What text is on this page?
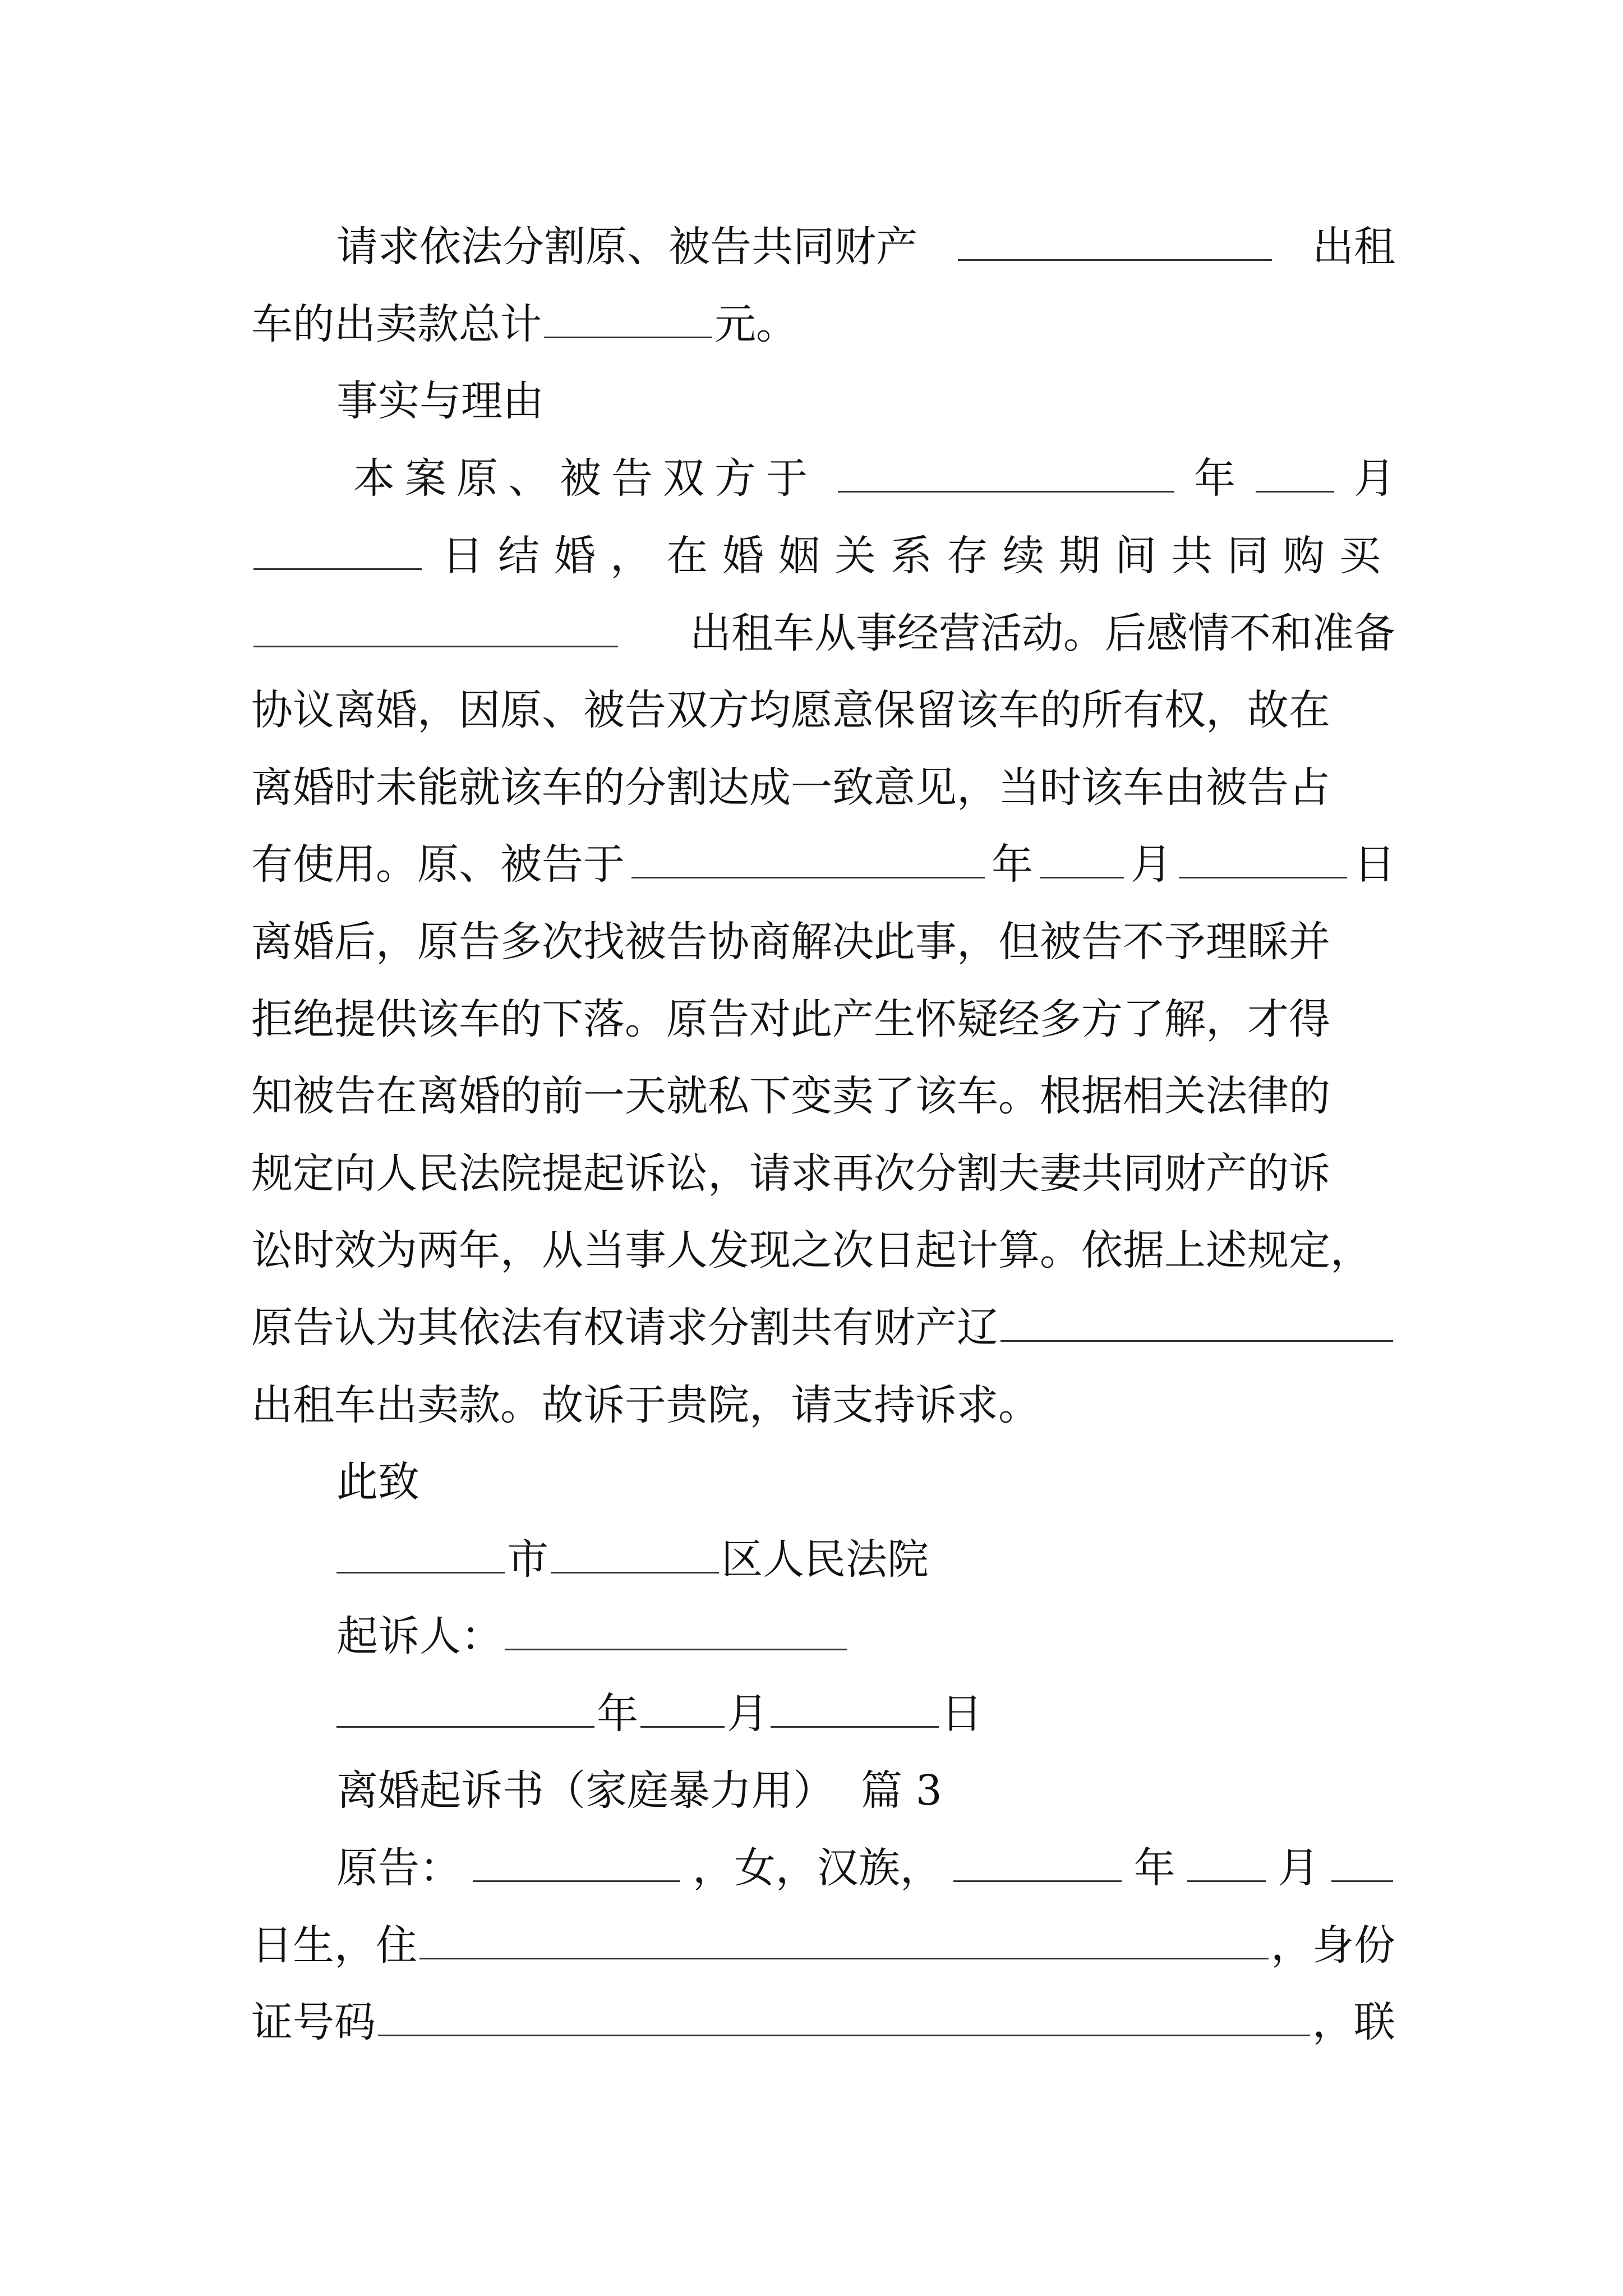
请求依法分割原、被告共同财产	出租
车的出卖款总计	元。
事实与理由
本案原、被告双方于	年	月
日结婚，在婚姻关系存续期间共同购买
出租车从事经营活动。后感情不和准备
协议离婚，因原、被告双方均愿意保留该车的所有权，故在
离婚时未能就该车的分割达成一致意见，当时该车由被告占
有使用。原、被告于	年 月	日
离婚后，原告多次找被告协商解决此事，但被告不予理睬并
拒绝提供该车的下落。原告对此产生怀疑经多方了解，才得
知被告在离婚的前一天就私下变卖了该车。根据相关法律的
规定向人民法院提起诉讼，请求再次分割夫妻共同财产的诉
讼时效为两年，从当事人发现之次日起计算。依据上述规定，
原告认为其依法有权请求分割共有财产辽
出租车出卖款。故诉于贵院，请支持诉求。
此致
市	区人民法院
起诉人：
年 月	日
离婚起诉书（家庭暴力用）  篇 3
原告：	，女，汉族，	年 月
日生，住	，身份
证号码	，联
